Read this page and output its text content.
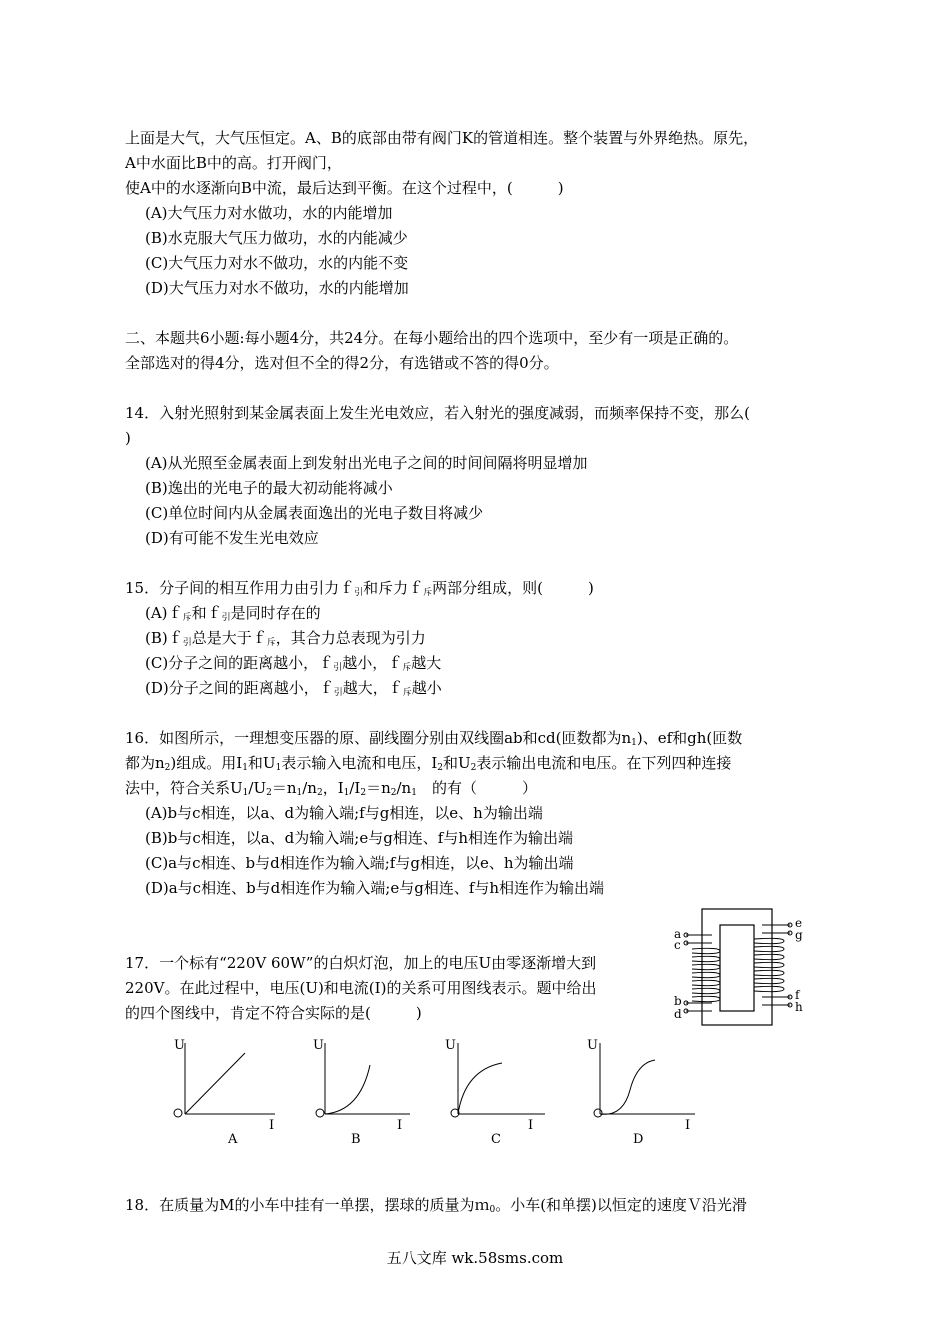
上面是大气，大气压恒定。A、B的底部由带有阀门K的管道相连。整个装置与外界绝热。原先，
A中水面比B中的高。打开阀门，
使A中的水逐渐向B中流，最后达到平衡。在这个过程中，(　　　)
(A)大气压力对水做功，水的内能增加
(B)水克服大气压力做功，水的内能减少
(C)大气压力对水不做功，水的内能不变
(D)大气压力对水不做功，水的内能增加
二、本题共6小题:每小题4分，共24分。在每小题给出的四个选项中，至少有一项是正确的。
全部选对的得4分，选对但不全的得2分，有选错或不答的得0分。
14．入射光照射到某金属表面上发生光电效应，若入射光的强度减弱，而频率保持不变，那么(
)
(A)从光照至金属表面上到发射出光电子之间的时间间隔将明显增加
(B)逸出的光电子的最大初动能将减小
(C)单位时间内从金属表面逸出的光电子数目将减少
(D)有可能不发生光电效应
15．分子间的相互作用力由引力ｆ$_引$和斥力ｆ$_斥$两部分组成，则(　　　)
(A)ｆ$_斥$和ｆ$_引$是同时存在的
(B)ｆ$_引$总是大于ｆ$_斥$，其合力总表现为引力
(C)分子之间的距离越小，ｆ$_引$越小，ｆ$_斥$越大
(D)分子之间的距离越小，ｆ$_引$越大，ｆ$_斥$越小
16．如图所示，一理想变压器的原、副线圈分别由双线圈ab和cd(匝数都为$n_1$)、ef和gh(匝数
都为$n_2$)组成。用$I_1$和$U_1$表示输入电流和电压，$I_2$和$U_2$表示输出电流和电压。在下列四种连接
法中，符合关系$U_1/U_2=n_1/n_2$，$I_1/I_2=n_2/n_1$　的有（　　　）
(A)b与c相连，以a、d为输入端;f与g相连，以e、h为输出端
(B)b与c相连，以a、d为输入端;e与g相连、f与h相连作为输出端
(C)a与c相连、b与d相连作为输入端;f与g相连，以e、h为输出端
(D)a与c相连、b与d相连作为输入端;e与g相连、f与h相连作为输出端
17．一个标有“220V 60W”的白炽灯泡，加上的电压U由零逐渐增大到
220V。在此过程中，电压(U)和电流(I)的关系可用图线表示。题中给出
的四个图线中，肯定不符合实际的是(　　　)
a
c
b
d
e
g
f
h
U
I
A
U
I
B
U
I
C
U
I
D
18．在质量为M的小车中挂有一单摆，摆球的质量为ｍ$_0$。小车(和单摆)以恒定的速度Ｖ沿光滑
五八文库 wk.58sms.com
